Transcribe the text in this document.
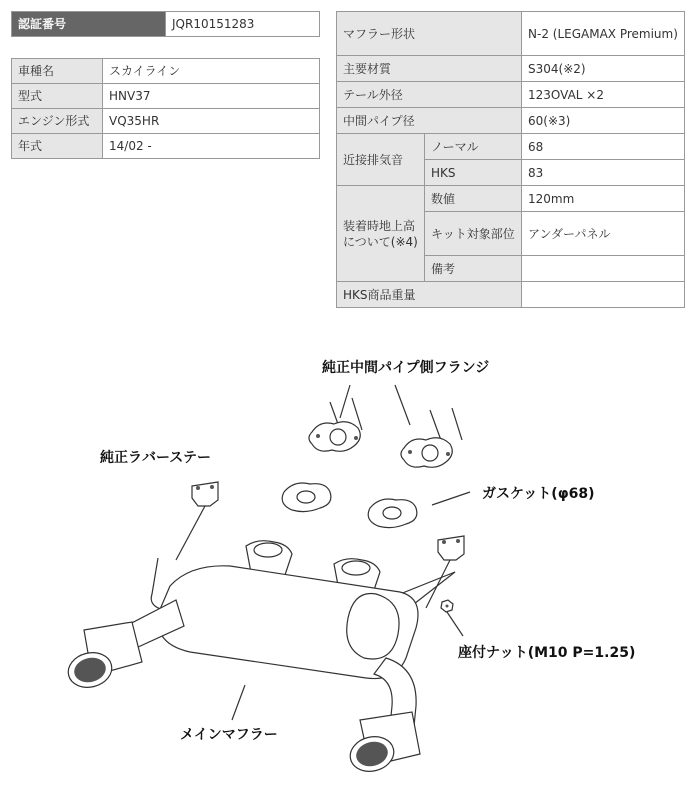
認証番号	JQR10151283
車種名	スカイライン
型式	HNV37
エンジン形式	VQ35HR
年式	14/02 -
マフラー形状		N-2 (LEGAMAX Premium)
主要材質		S304(※2)
テール外径		123OVAL ×2
中間パイプ径		60(※3)
近接排気音	ノーマル	68
	HKS	83
装着時地上高について(※4)	数値	120mm
	キット対象部位	アンダーパネル
	備考	
HKS商品重量		
純正中間パイプ側フランジ
純正ラバーステー
ガスケット(φ68)
座付ナット(M10 P=1.25)
メインマフラー
